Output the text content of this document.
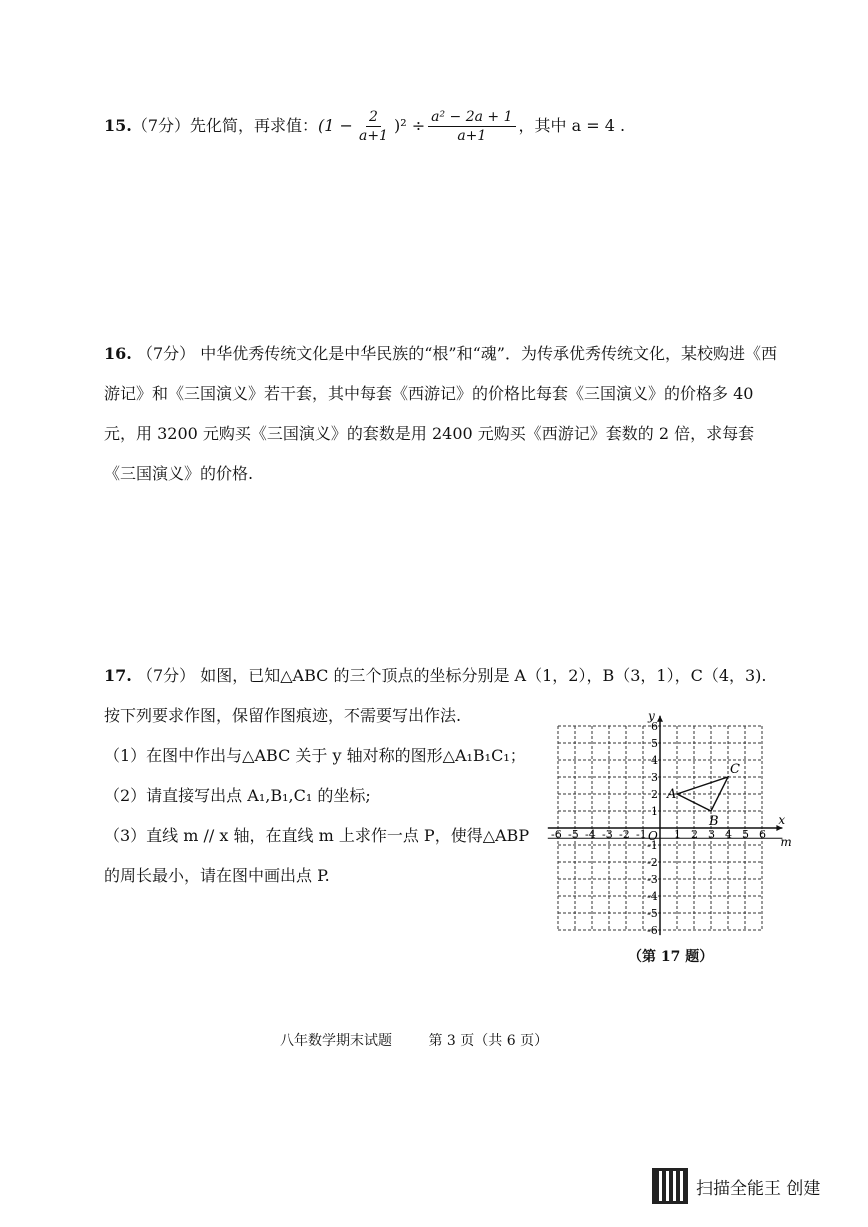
15. （7分） 先化简，再求值： $(1 - \frac{2}{a+1} )^2 \div \frac{\text{a² − 2a + 1}}{a+1}$ ，其中 a = 4 .
16. （7分） 中华优秀传统文化是中华民族的“根”和“魂”．为传承优秀传统文化，某校购进《西游记》和《三国演义》若干套，其中每套《西游记》的价格比每套《三国演义》的价格多 40 元，用 3200 元购买《三国演义》的套数是用 2400 元购买《西游记》套数的 2 倍，求每套《三国演义》的价格.
17. （7分） 如图，已知△ABC 的三个顶点的坐标分别是 A（1，2），B（3，1），C（4，3).
按下列要求作图，保留作图痕迹，不需要写出作法.
（1）在图中作出与△ABC 关于 y 轴对称的图形△A₁B₁C₁；
（2）请直接写出点 A₁,B₁,C₁ 的坐标;
（3）直线 m // x 轴，在直线 m 上求作一点 P，使得△ABP 的周长最小，请在图中画出点 P.
x
y
m
O
-6 -5 -4 -3 -2 -1 1 2 3 4 5 6
6
5
4
3
2
1
-1
-2
-3
-4
-5
-6
A
B
C
（第 17 题）
八年数学期末试题	第 3 页（共 6 页）
扫描全能王 创建
